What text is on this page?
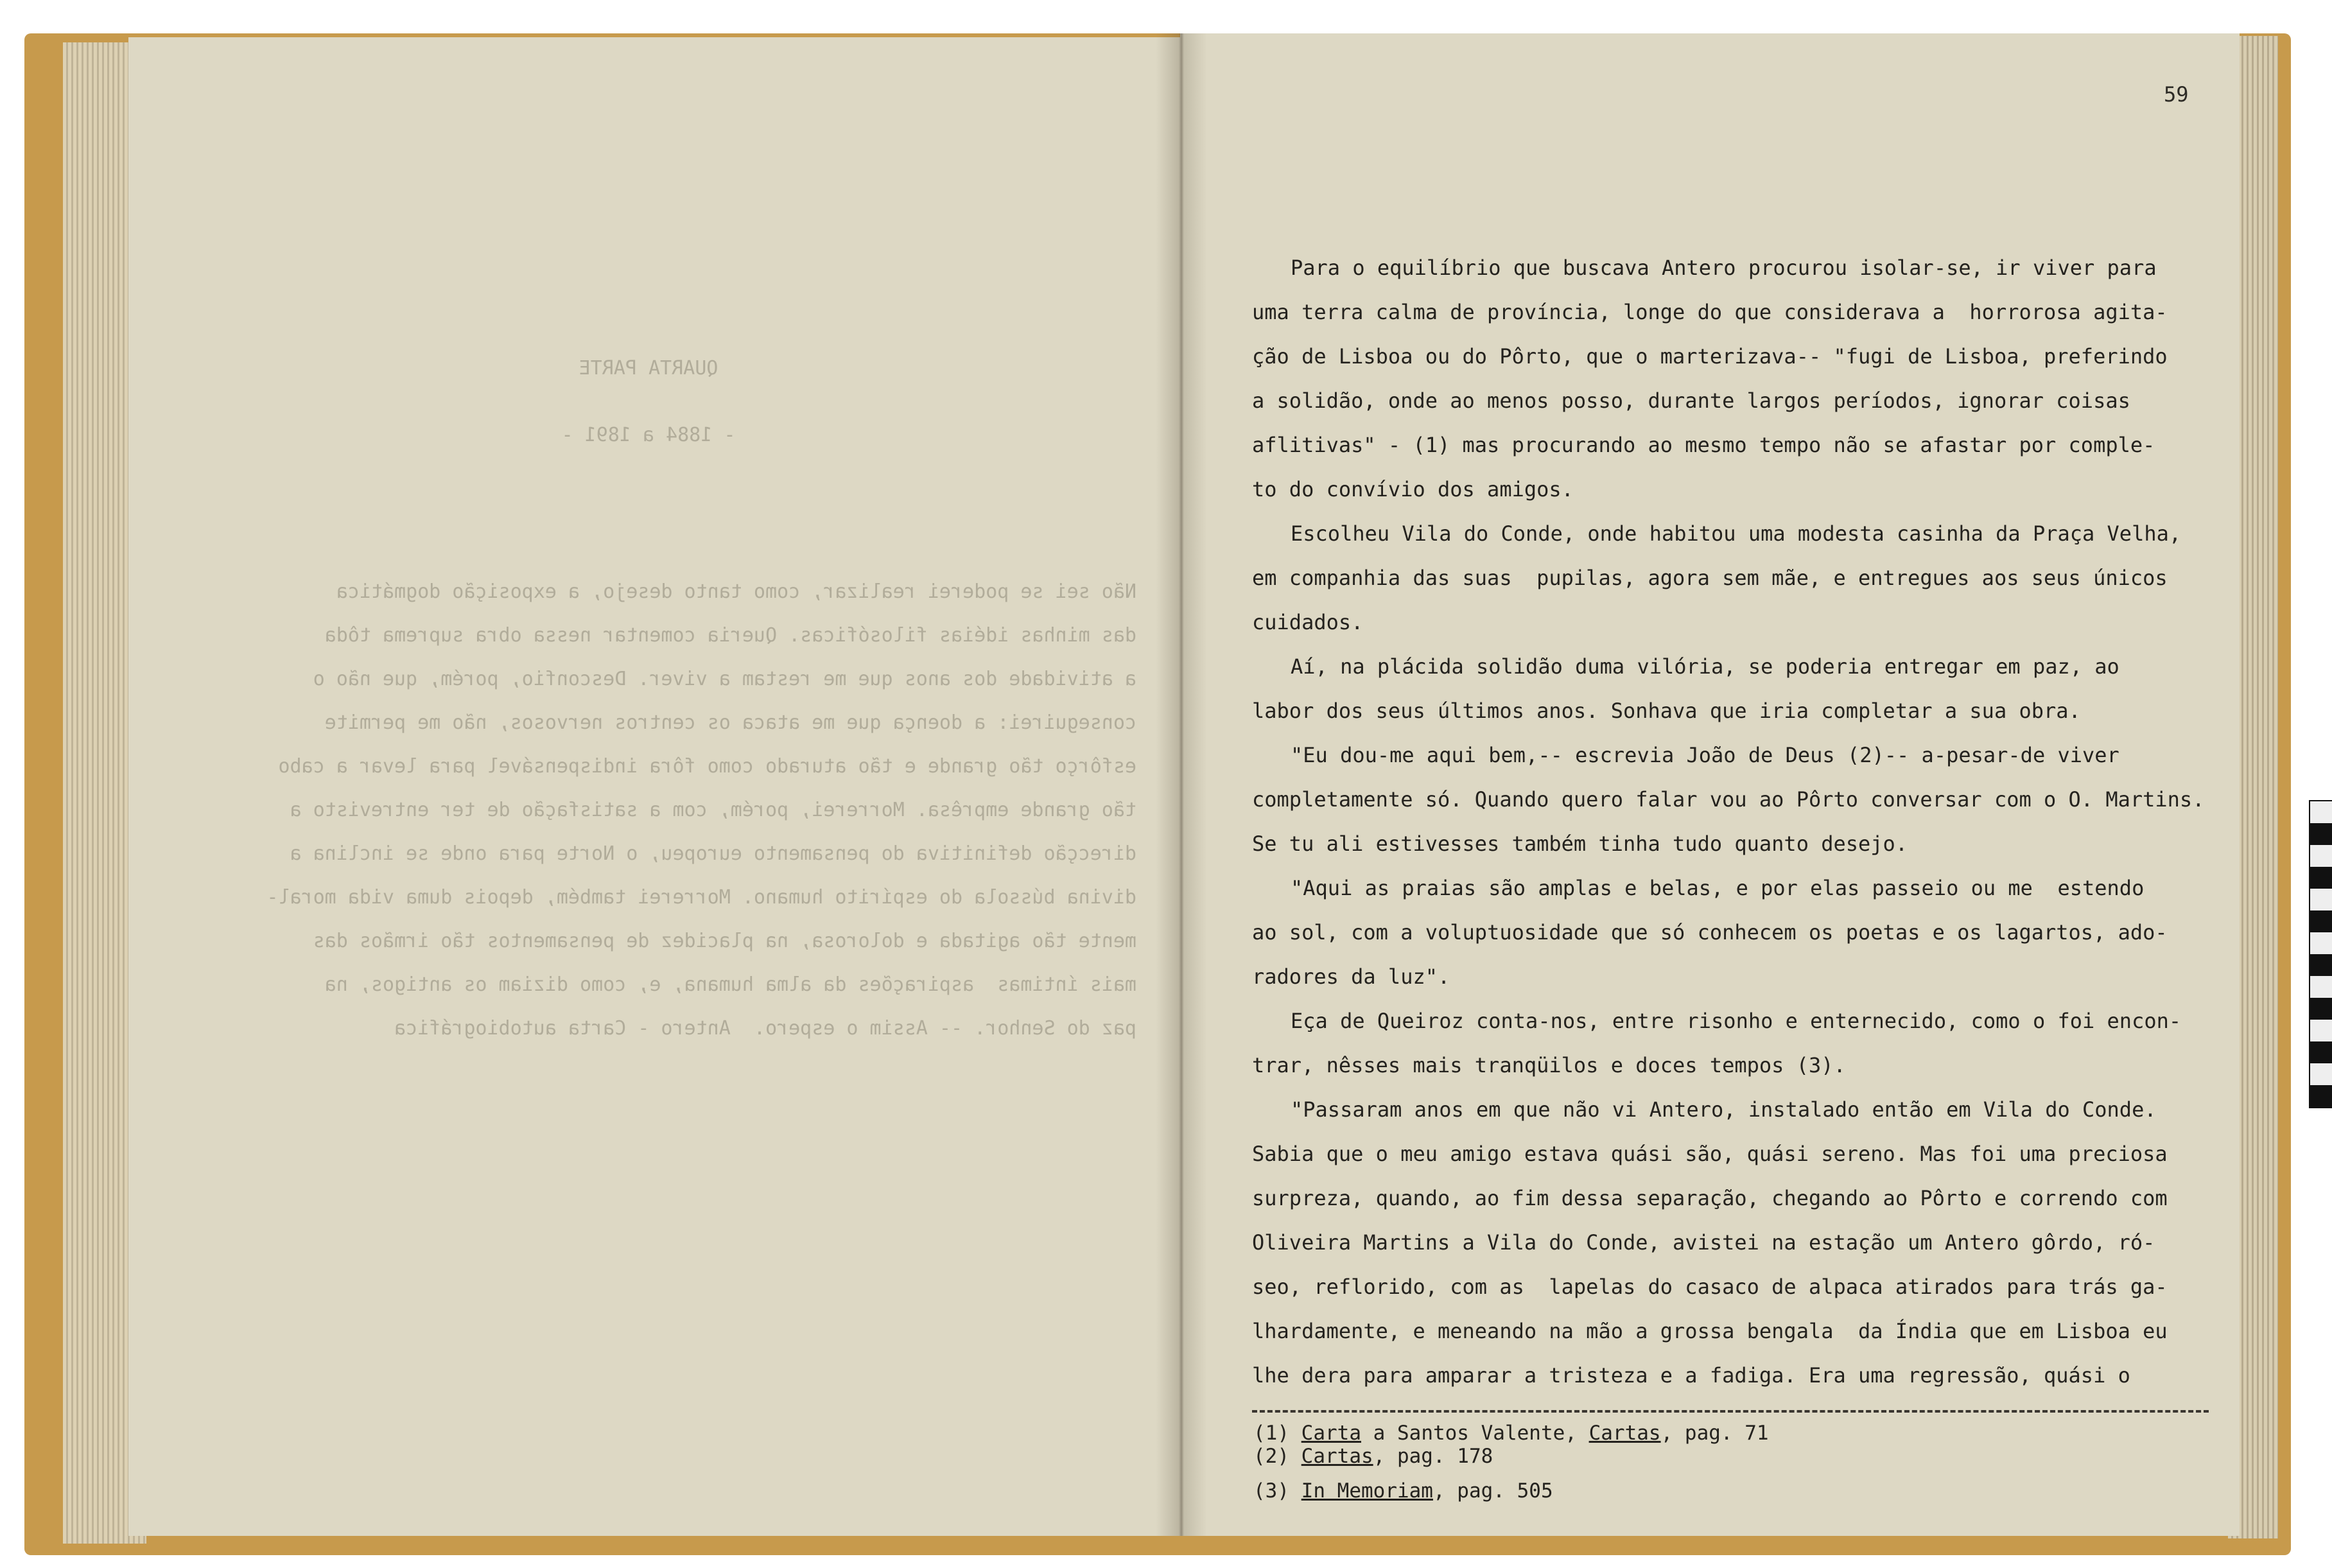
QUARTA PARTE
- 1884 a 1891 -
Não sei se poderei realizar, como tanto desejo, a exposição dogmática
das minhas idéias filosóficas. Queria comentar nessa obra suprema tôda
a atividade dos anos que me restam a viver. Desconfio, porém, que não o
conseguirei: a doença que me ataca os centros nervosos, não me permite
esfôrço tão grande e tão aturado como fôra indispensável para levar a cabo
tão grande emprêsa. Morrerei, porém, com a satisfação de ter entrevisto a
direcção definitiva do pensamento europeu, o Norte para onde se inclina a
divina bússola do espírito humano. Morrerei também, depois duma vida moral-
mente tão agitada e dolorosa, na placidez de pensamentos tão irmãos das
mais íntimas  aspirações da alma humana, e, como diziam os antigos, na
paz do Senhor. -- Assim o espero.  Antero - Carta autobiográfica
59
Para o equilíbrio que buscava Antero procurou isolar-se, ir viver para
uma terra calma de província, longe do que considerava a  horrorosa agita-
ção de Lisboa ou do Pôrto, que o marterizava-- "fugi de Lisboa, preferindo
a solidão, onde ao menos posso, durante largos períodos, ignorar coisas
aflitivas" - (1) mas procurando ao mesmo tempo não se afastar por comple-
to do convívio dos amigos.
Escolheu Vila do Conde, onde habitou uma modesta casinha da Praça Velha,
em companhia das suas  pupilas, agora sem mãe, e entregues aos seus únicos
cuidados.
Aí, na plácida solidão duma vilória, se poderia entregar em paz, ao
labor dos seus últimos anos. Sonhava que iria completar a sua obra.
"Eu dou-me aqui bem,-- escrevia João de Deus (2)-- a-pesar-de viver
completamente só. Quando quero falar vou ao Pôrto conversar com o O. Martins.
Se tu ali estivesses também tinha tudo quanto desejo.
"Aqui as praias são amplas e belas, e por elas passeio ou me  estendo
ao sol, com a voluptuosidade que só conhecem os poetas e os lagartos, ado-
radores da luz".
Eça de Queiroz conta-nos, entre risonho e enternecido, como o foi encon-
trar, nêsses mais tranqüilos e doces tempos (3).
"Passaram anos em que não vi Antero, instalado então em Vila do Conde.
Sabia que o meu amigo estava quási são, quási sereno. Mas foi uma preciosa
surpreza, quando, ao fim dessa separação, chegando ao Pôrto e correndo com
Oliveira Martins a Vila do Conde, avistei na estação um Antero gôrdo, ró-
seo, reflorido, com as  lapelas do casaco de alpaca atirados para trás ga-
lhardamente, e meneando na mão a grossa bengala  da Índia que em Lisboa eu
lhe dera para amparar a tristeza e a fadiga. Era uma regressão, quási o
(1) Carta a Santos Valente, Cartas, pag. 71
(2) Cartas, pag. 178
(3) In Memoriam, pag. 505
